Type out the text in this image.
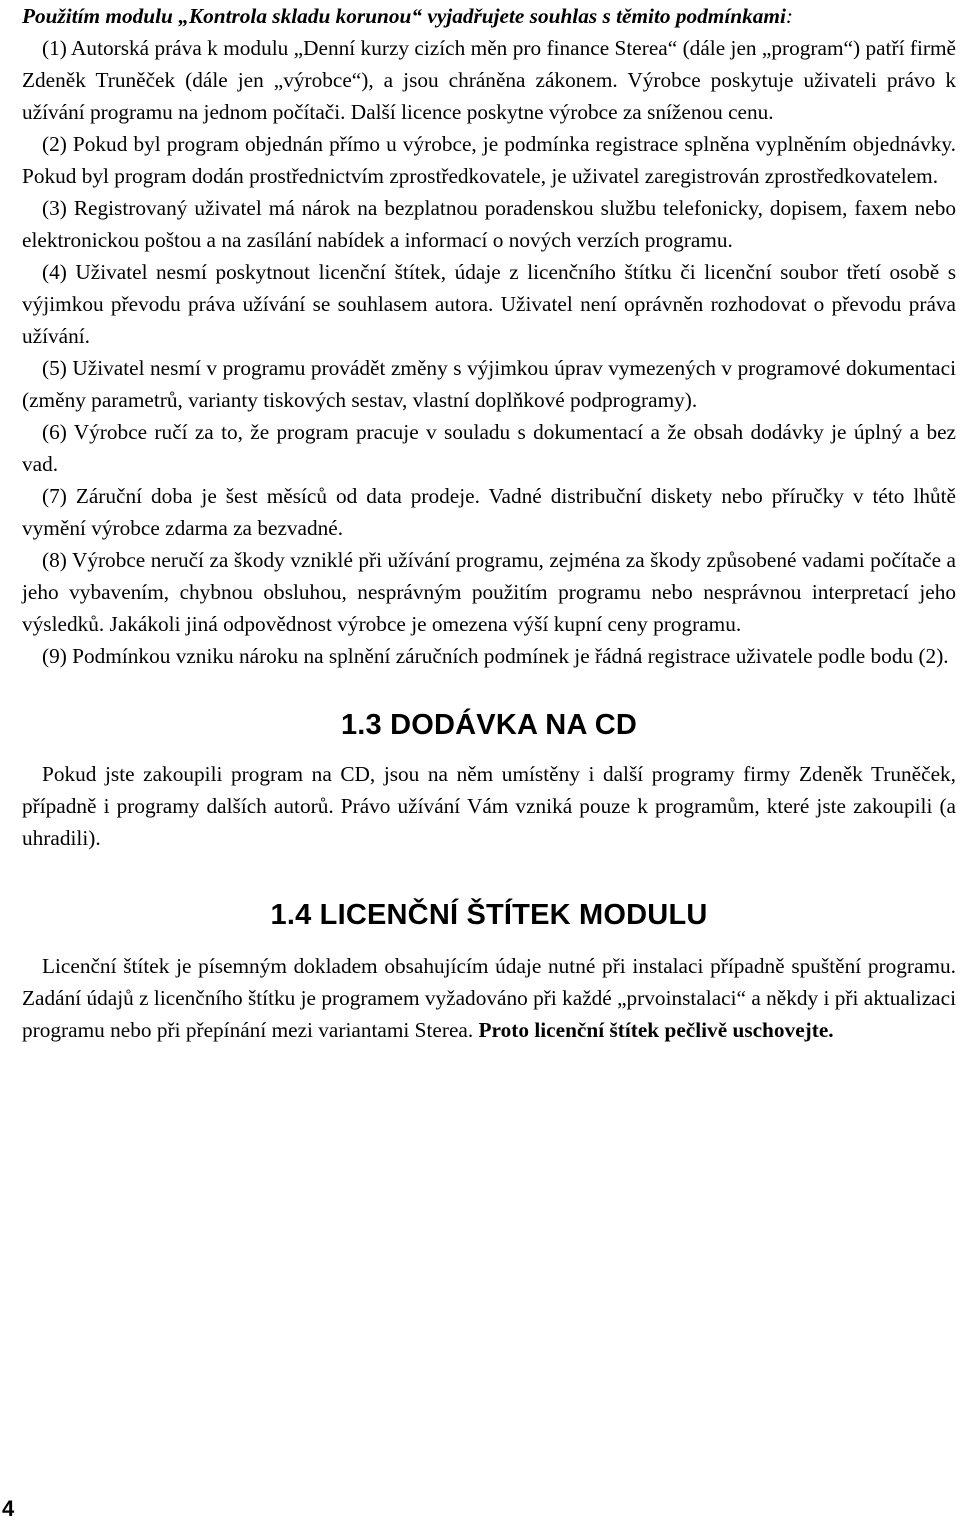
Použitím modulu „Kontrola skladu korunou“ vyjadřujete souhlas s těmito podmínkami:

(1) Autorská práva k modulu „Denní kurzy cizích měn pro finance Sterea“ (dále jen „program“) patří firmě Zdeněk Truněček (dále jen „výrobce“), a jsou chráněna zákonem. Výrobce poskytuje uživateli právo k užívání programu na jednom počítači. Další licence poskytne výrobce za sníženou cenu.

(2) Pokud byl program objednán přímo u výrobce, je podmínka registrace splněna vyplněním objednávky. Pokud byl program dodán prostřednictvím zprostředkovatele, je uživatel zaregistrován zprostředkovatelem.

(3) Registrovaný uživatel má nárok na bezplatnou poradenskou službu telefonicky, dopisem, faxem nebo elektronickou poštou a na zasílání nabídek a informací o nových verzích programu.

(4) Uživatel nesmí poskytnout licenční štítek, údaje z licenčního štítku či licenční soubor třetí osobě s výjimkou převodu práva užívání se souhlasem autora. Uživatel není oprávněn rozhodovat o převodu práva užívání.

(5) Uživatel nesmí v programu provádět změny s výjimkou úprav vymezených v programové dokumentaci (změny parametrů, varianty tiskových sestav, vlastní doplňkové podprogramy).

(6) Výrobce ručí za to, že program pracuje v souladu s dokumentací a že obsah dodávky je úplný a bez vad.

(7) Záruční doba je šest měsíců od data prodeje. Vadné distribuční diskety nebo příručky v této lhůtě vymění výrobce zdarma za bezvadné.

(8) Výrobce neručí za škody vzniklé při užívání programu, zejména za škody způsobené vadami počítače a jeho vybavením, chybnou obsluhou, nesprávným použitím programu nebo nesprávnou interpretací jeho výsledků. Jakákoli jiná odpovědnost výrobce je omezena výší kupní ceny programu.

(9) Podmínkou vzniku nároku na splnění záručních podmínek je řádná registrace uživatele podle bodu (2).

1.3 DODÁVKA NA CD

Pokud jste zakoupili program na CD, jsou na něm umístěny i další programy firmy Zdeněk Truněček, případně i programy dalších autorů. Právo užívání Vám vzniká pouze k programům, které jste zakoupili (a uhradili).

1.4 LICENČNÍ ŠTÍTEK MODULU

Licenční štítek je písemným dokladem obsahujícím údaje nutné při instalaci případně spuštění programu. Zadání údajů z licenčního štítku je programem vyžadováno při každé „prvoinstalaci“ a někdy i při aktualizaci programu nebo při přepínání mezi variantami Sterea. Proto licenční štítek pečlivě uschovejte.

4
